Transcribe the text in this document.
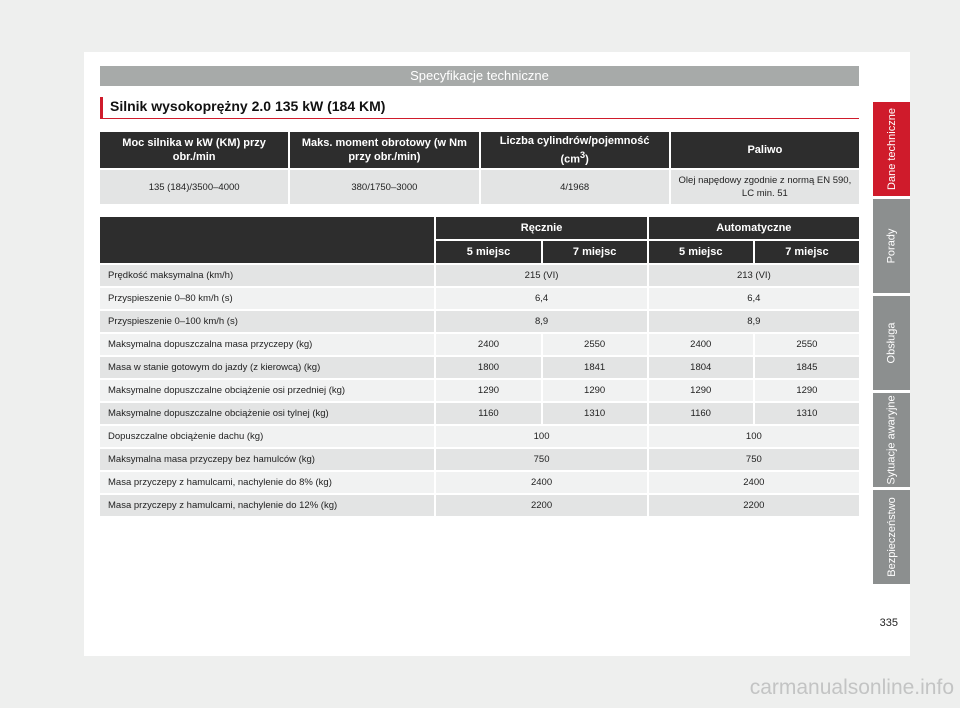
Specyfikacje techniczne
Silnik wysokoprężny 2.0 135 kW (184 KM)
Moc silnika w kW (KM) przy obr./min	Maks. moment obrotowy (w Nm przy obr./min)	Liczba cylindrów/pojemność $(cm^3)$	Paliwo
135 (184)/3500–4000	380/1750–3000	4/1968	Olej napędowy zgodnie z normą EN 590, LC min. 51
	Ręcznie		Automatyczne	
	5 miejsc	7 miejsc	5 miejsc	7 miejsc
Prędkość maksymalna (km/h)	215 (VI)		213 (VI)	
Przyspieszenie 0–80 km/h (s)	6,4		6,4	
Przyspieszenie 0–100 km/h (s)	8,9		8,9	
Maksymalna dopuszczalna masa przyczepy (kg)	2400	2550	2400	2550
Masa w stanie gotowym do jazdy (z kierowcą) (kg)	1800	1841	1804	1845
Maksymalne dopuszczalne obciążenie osi przedniej (kg)	1290	1290	1290	1290
Maksymalne dopuszczalne obciążenie osi tylnej (kg)	1160	1310	1160	1310
Dopuszczalne obciążenie dachu (kg)	100		100	
Maksymalna masa przyczepy bez hamulców (kg)	750		750	
Masa przyczepy z hamulcami, nachylenie do 8% (kg)	2400		2400	
Masa przyczepy z hamulcami, nachylenie do 12% (kg)	2200		2200	
Dane techniczne
Porady
Obsługa
Sytuacje awaryjne
Bezpieczeństwo
335
carmanualsonline.info
